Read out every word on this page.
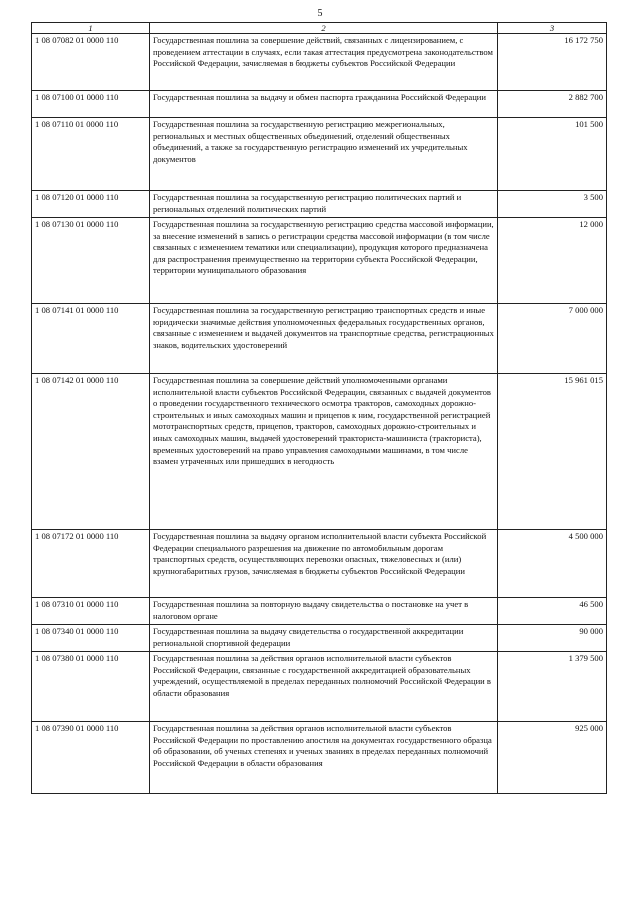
5
1	2	3
1 08 07082 01 0000 110	Государственная пошлина за совершение действий, связанных с лицензированием, с проведением аттестации в случаях, если такая аттестация предусмотрена законодательством Российской Федерации, зачисляемая в бюджеты субъектов Российской Федерации	16 172 750
1 08 07100 01 0000 110	Государственная пошлина за выдачу и обмен паспорта гражданина Российской Федерации	2 882 700
1 08 07110 01 0000 110	Государственная пошлина за государственную регистрацию межрегиональных, региональных и местных общественных объединений, отделений общественных объединений, а также за государственную регистрацию изменений их учредительных документов	101 500
1 08 07120 01 0000 110	Государственная пошлина за государственную регистрацию политических партий и региональных отделений политических партий	3 500
1 08 07130 01 0000 110	Государственная пошлина за государственную регистрацию средства массовой информации, за внесение изменений в запись о регистрации средства массовой информации (в том числе связанных с изменением тематики или специализации), продукция которого предназначена для распространения преимущественно на территории субъекта Российской Федерации, территории муниципального образования	12 000
1 08 07141 01 0000 110	Государственная пошлина за государственную регистрацию транспортных средств и иные юридически значимые действия уполномоченных федеральных государственных органов, связанные с изменением и выдачей документов на транспортные средства, регистрационных знаков, водительских удостоверений	7 000 000
1 08 07142 01 0000 110	Государственная пошлина за совершение действий уполномоченными органами исполнительной власти субъектов Российской Федерации, связанных с выдачей документов о проведении государственного технического осмотра тракторов, самоходных дорожно-строительных и иных самоходных машин и прицепов к ним, государственной регистрацией мототранспортных средств, прицепов, тракторов, самоходных дорожно-строительных и иных самоходных машин, выдачей удостоверений тракториста-машиниста (тракториста), временных удостоверений на право управления самоходными машинами, в том числе взамен утраченных или пришедших в негодность	15 961 015
1 08 07172 01 0000 110	Государственная пошлина за выдачу органом исполнительной власти субъекта Российской Федерации специального разрешения на движение по автомобильным дорогам транспортных средств, осуществляющих перевозки опасных, тяжеловесных и (или) крупногабаритных грузов, зачисляемая в бюджеты субъектов Российской Федерации	4 500 000
1 08 07310 01 0000 110	Государственная пошлина за повторную выдачу свидетельства о постановке на учет в налоговом органе	46 500
1 08 07340 01 0000 110	Государственная пошлина за выдачу свидетельства о государственной аккредитации региональной спортивной федерации	90 000
1 08 07380 01 0000 110	Государственная пошлина за действия органов исполнительной власти субъектов Российской Федерации, связанные с государственной аккредитацией образовательных учреждений, осуществляемой в пределах переданных полномочий Российской Федерации в области образования	1 379 500
1 08 07390 01 0000 110	Государственная пошлина за действия органов исполнительной власти субъектов Российской Федерации по проставлению апостиля на документах государственного образца об образовании, об ученых степенях и ученых званиях в пределах переданных полномочий Российской Федерации в области образования	925 000
